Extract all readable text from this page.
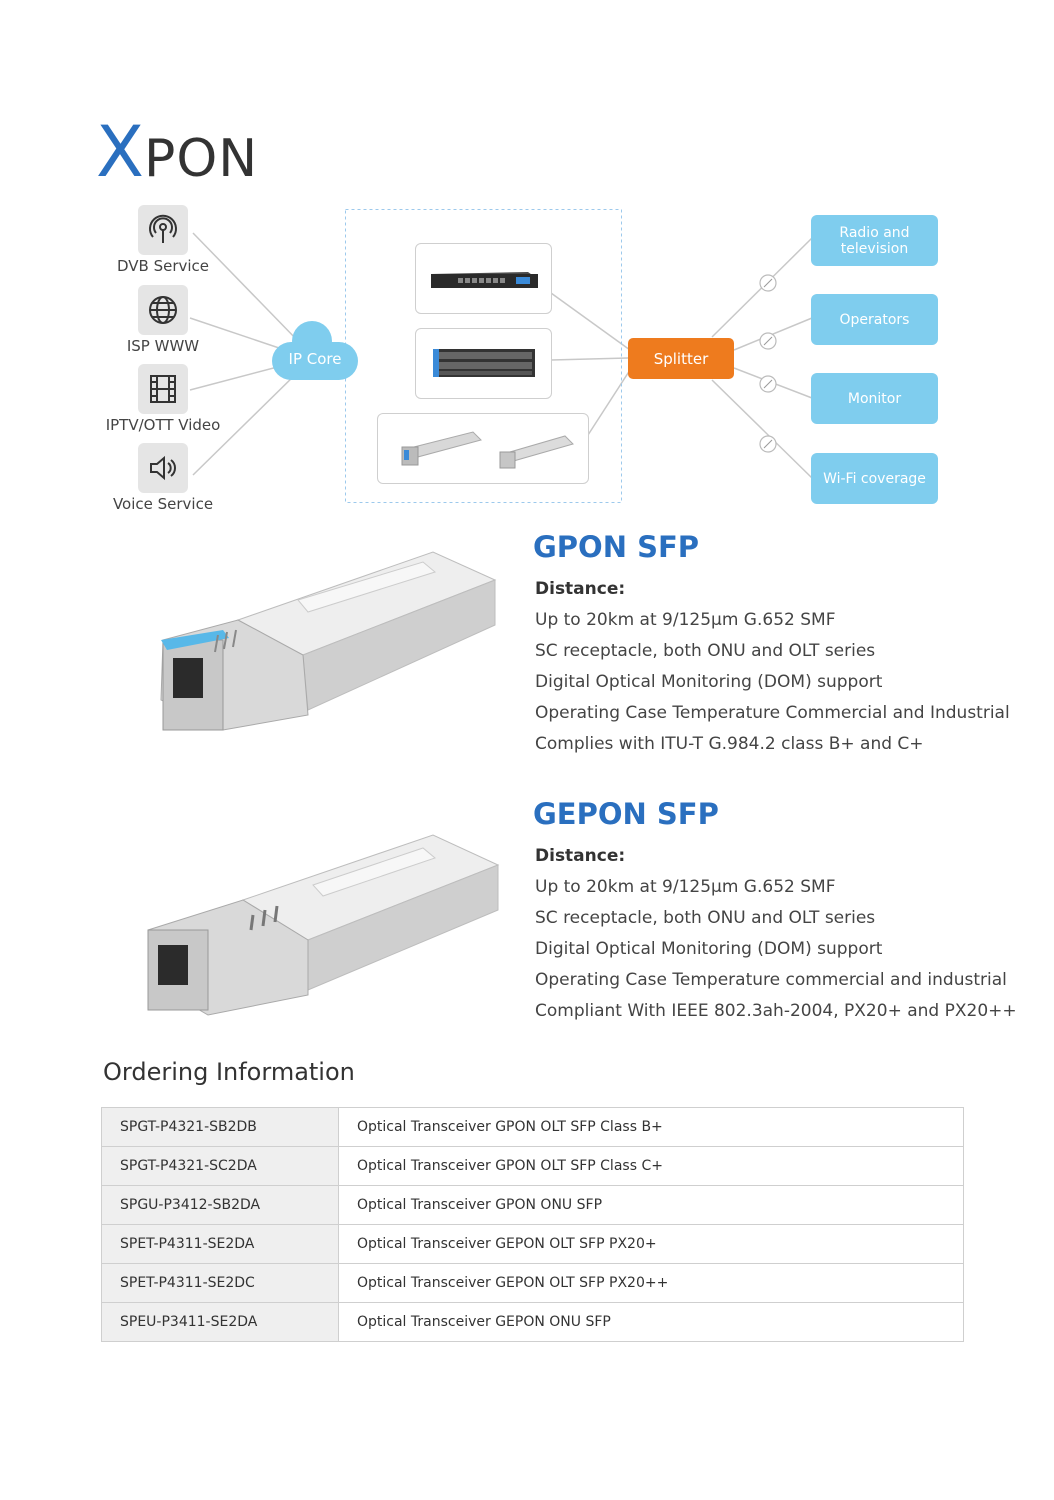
XPON
DVB Service
ISP WWW
IPTV/OTT Video
Voice Service
IP Core	Splitter
Radio and television
Operators
Monitor
Wi-Fi coverage
GPON SFP
Distance:
Up to 20km at 9/125µm G.652 SMF
SC receptacle, both ONU and OLT series
Digital Optical Monitoring (DOM) support
Operating Case Temperature Commercial and Industrial
Complies with ITU-T G.984.2 class B+ and C+
GEPON SFP
Distance:
Up to 20km at 9/125µm G.652 SMF
SC receptacle, both ONU and OLT series
Digital Optical Monitoring (DOM) support
Operating Case Temperature commercial and industrial
Compliant With IEEE 802.3ah-2004, PX20+ and PX20++
Ordering Information
SPGT-P4321-SB2DB	Optical Transceiver GPON OLT SFP Class B+
SPGT-P4321-SC2DA	Optical Transceiver GPON OLT SFP Class C+
SPGU-P3412-SB2DA	Optical Transceiver GPON ONU SFP
SPET-P4311-SE2DA	Optical Transceiver GEPON OLT SFP PX20+
SPET-P4311-SE2DC	Optical Transceiver GEPON OLT SFP PX20++
SPEU-P3411-SE2DA	Optical Transceiver GEPON ONU SFP
